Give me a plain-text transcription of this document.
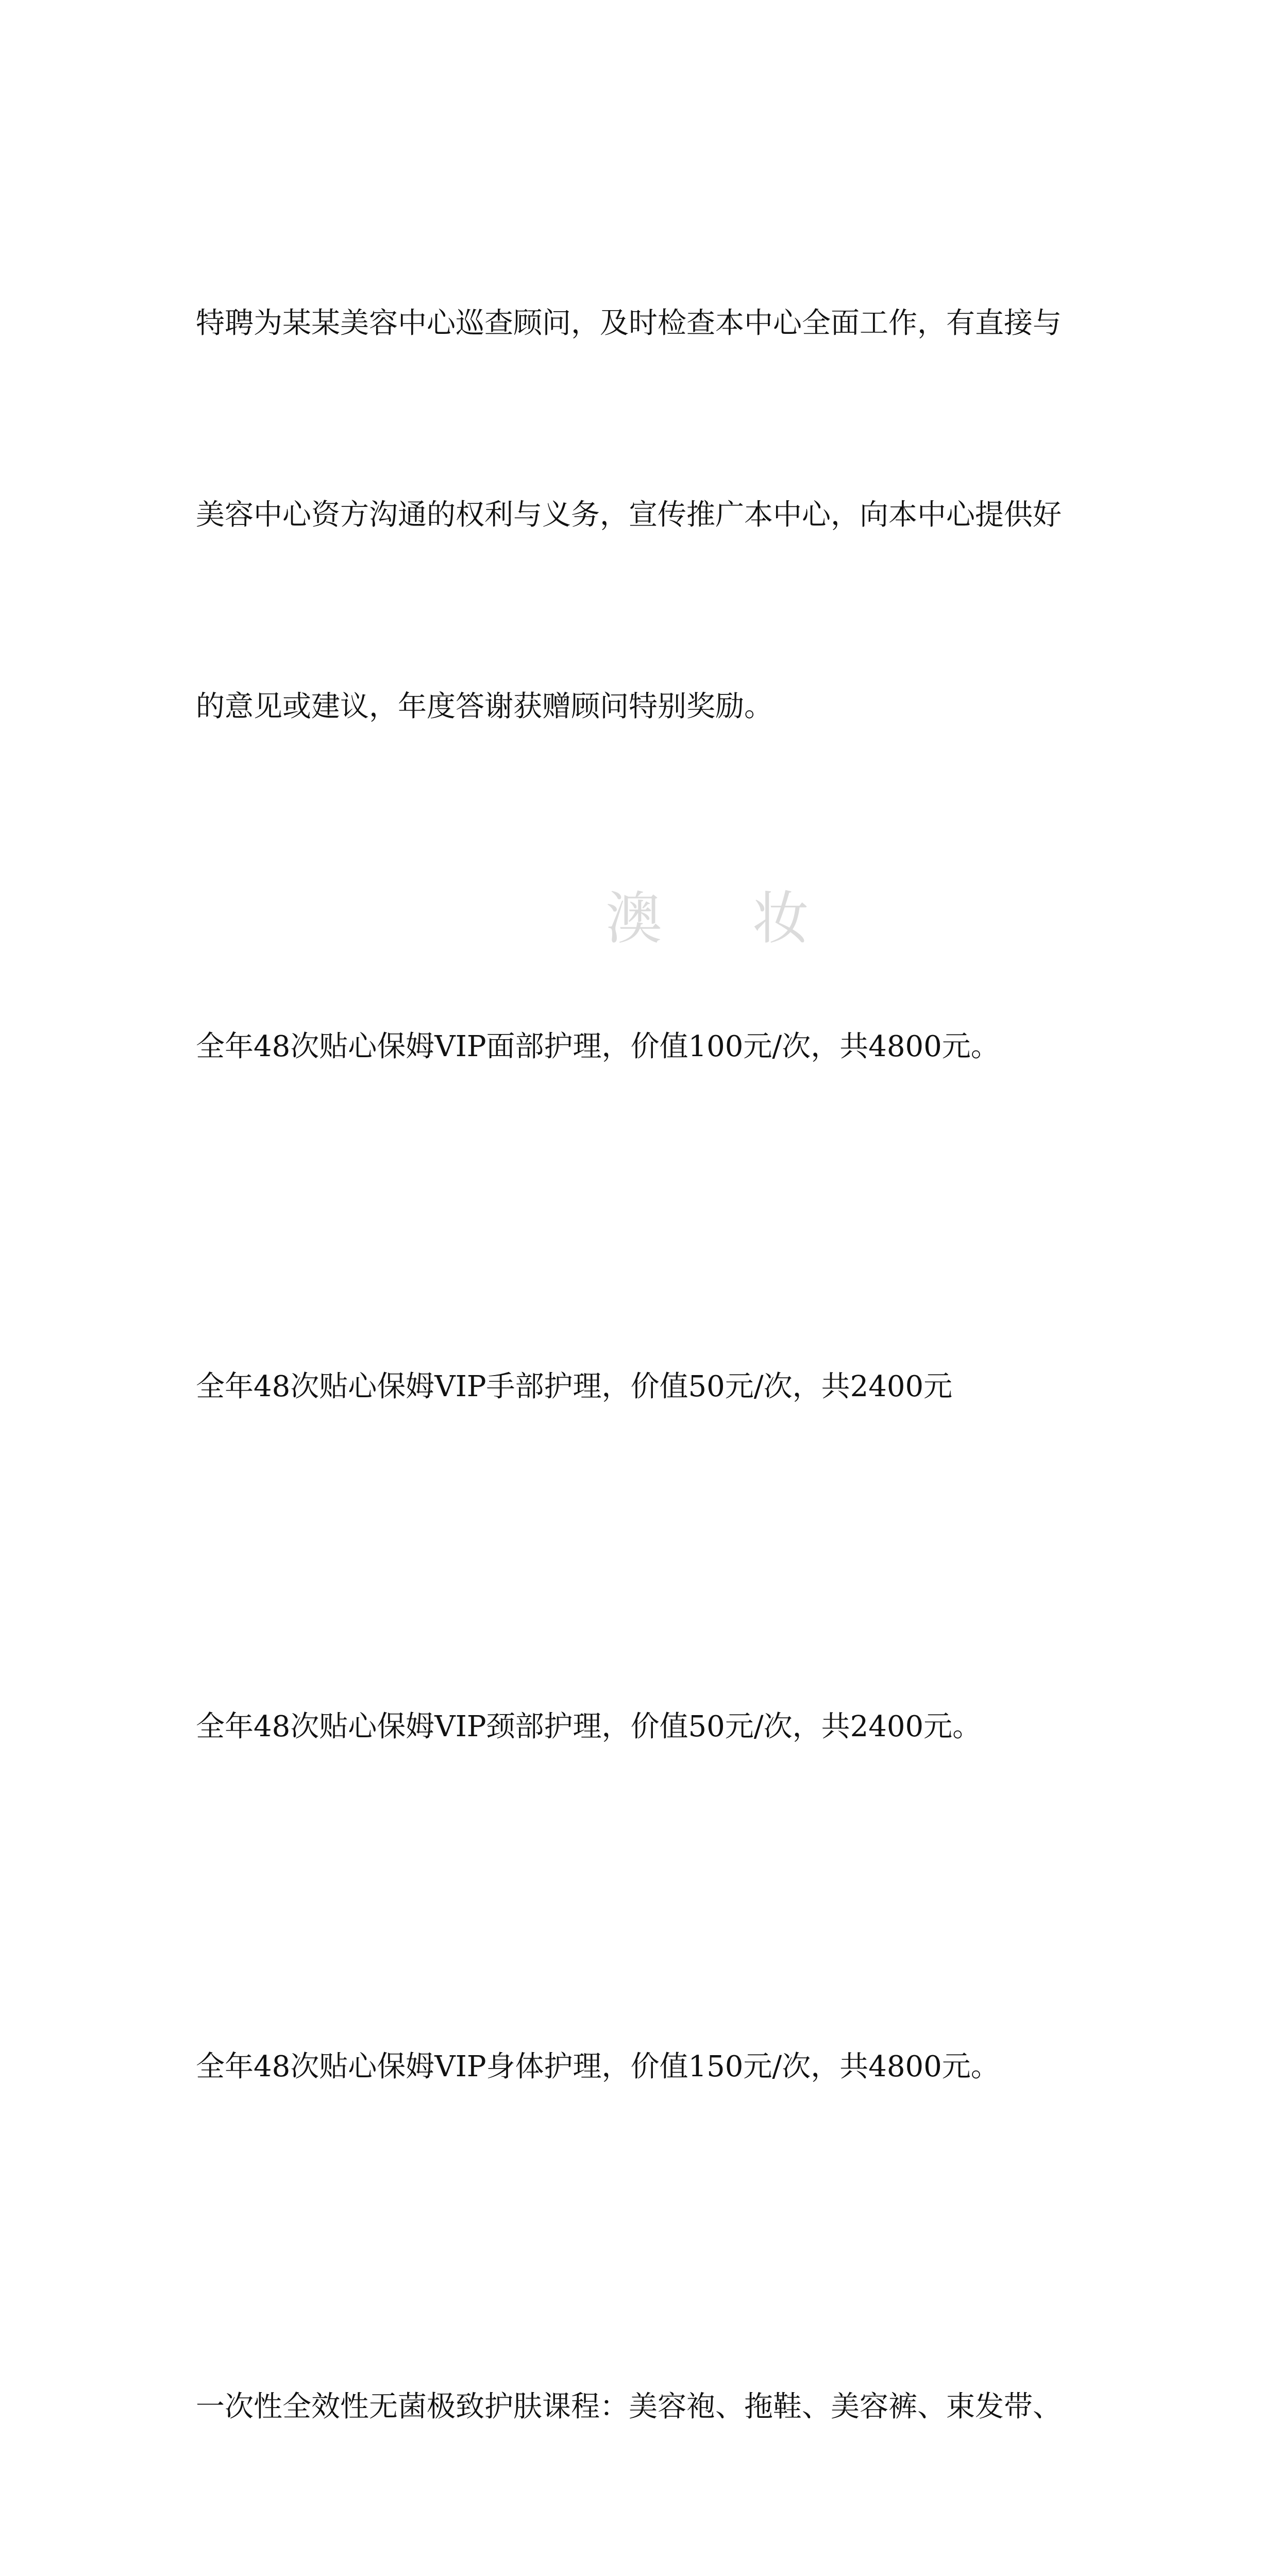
澳 妆

特聘为某某美容中心巡查顾问，及时检查本中心全面工作，有直接与

美容中心资方沟通的权利与义务，宣传推广本中心，向本中心提供好

的意见或建议，年度答谢获赠顾问特别奖励。

全年48次贴心保姆VIP面部护理，价值100元/次，共4800元。

全年48次贴心保姆VIP手部护理，价值50元/次，共2400元

全年48次贴心保姆VIP颈部护理，价值50元/次，共2400元。

全年48次贴心保姆VIP身体护理，价值150元/次，共4800元。

一次性全效性无菌极致护肤课程：美容袍、拖鞋、美容裤、束发带、
